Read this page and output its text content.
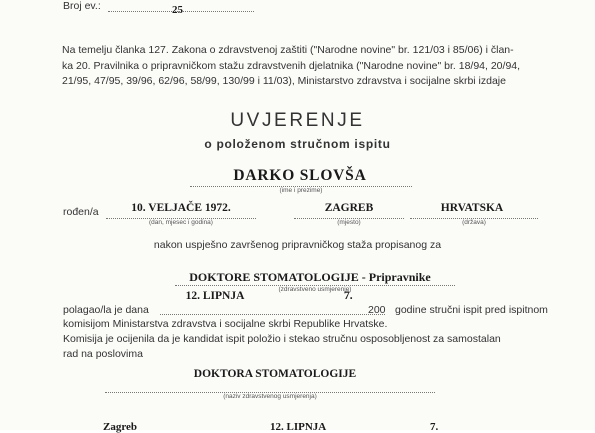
Broj ev.:	25
Na temelju članka 127. Zakona o zdravstvenoj zaštiti ("Narodne novine" br. 121/03 i 85/06) i član-
ka 20. Pravilnika o pripravničkom stažu zdravstvenih djelatnika ("Narodne novine" br. 18/94, 20/94,
21/95, 47/95, 39/96, 62/96, 58/99, 130/99 i 11/03), Ministarstvo zdravstva i socijalne skrbi izdaje
UVJERENJE
o položenom stručnom ispitu
DARKO SLOVŠA
(ime i prezime)
rođen/a	10. VELJAČE 1972.
(dan, mjesec i godina)
ZAGREB
(mjesto)
HRVATSKA
(država)
nakon uspješno završenog pripravničkog staža propisanog za
DOKTORE STOMATOLOGIJE - Pripravnike
(zdravstveno usmjerenje)
polagao/la je dana
12. LIPNJA	7.
200 godine stručni ispit pred ispitnom
komisijom Ministarstva zdravstva i socijalne skrbi Republike Hrvatske.
Komisija je ocijenila da je kandidat ispit položio i stekao stručnu osposobljenost za samostalan
rad na poslovima
DOKTORA STOMATOLOGIJE
(naziv zdravstvenog usmjerenja)
Zagreb	12. LIPNJA	7.
